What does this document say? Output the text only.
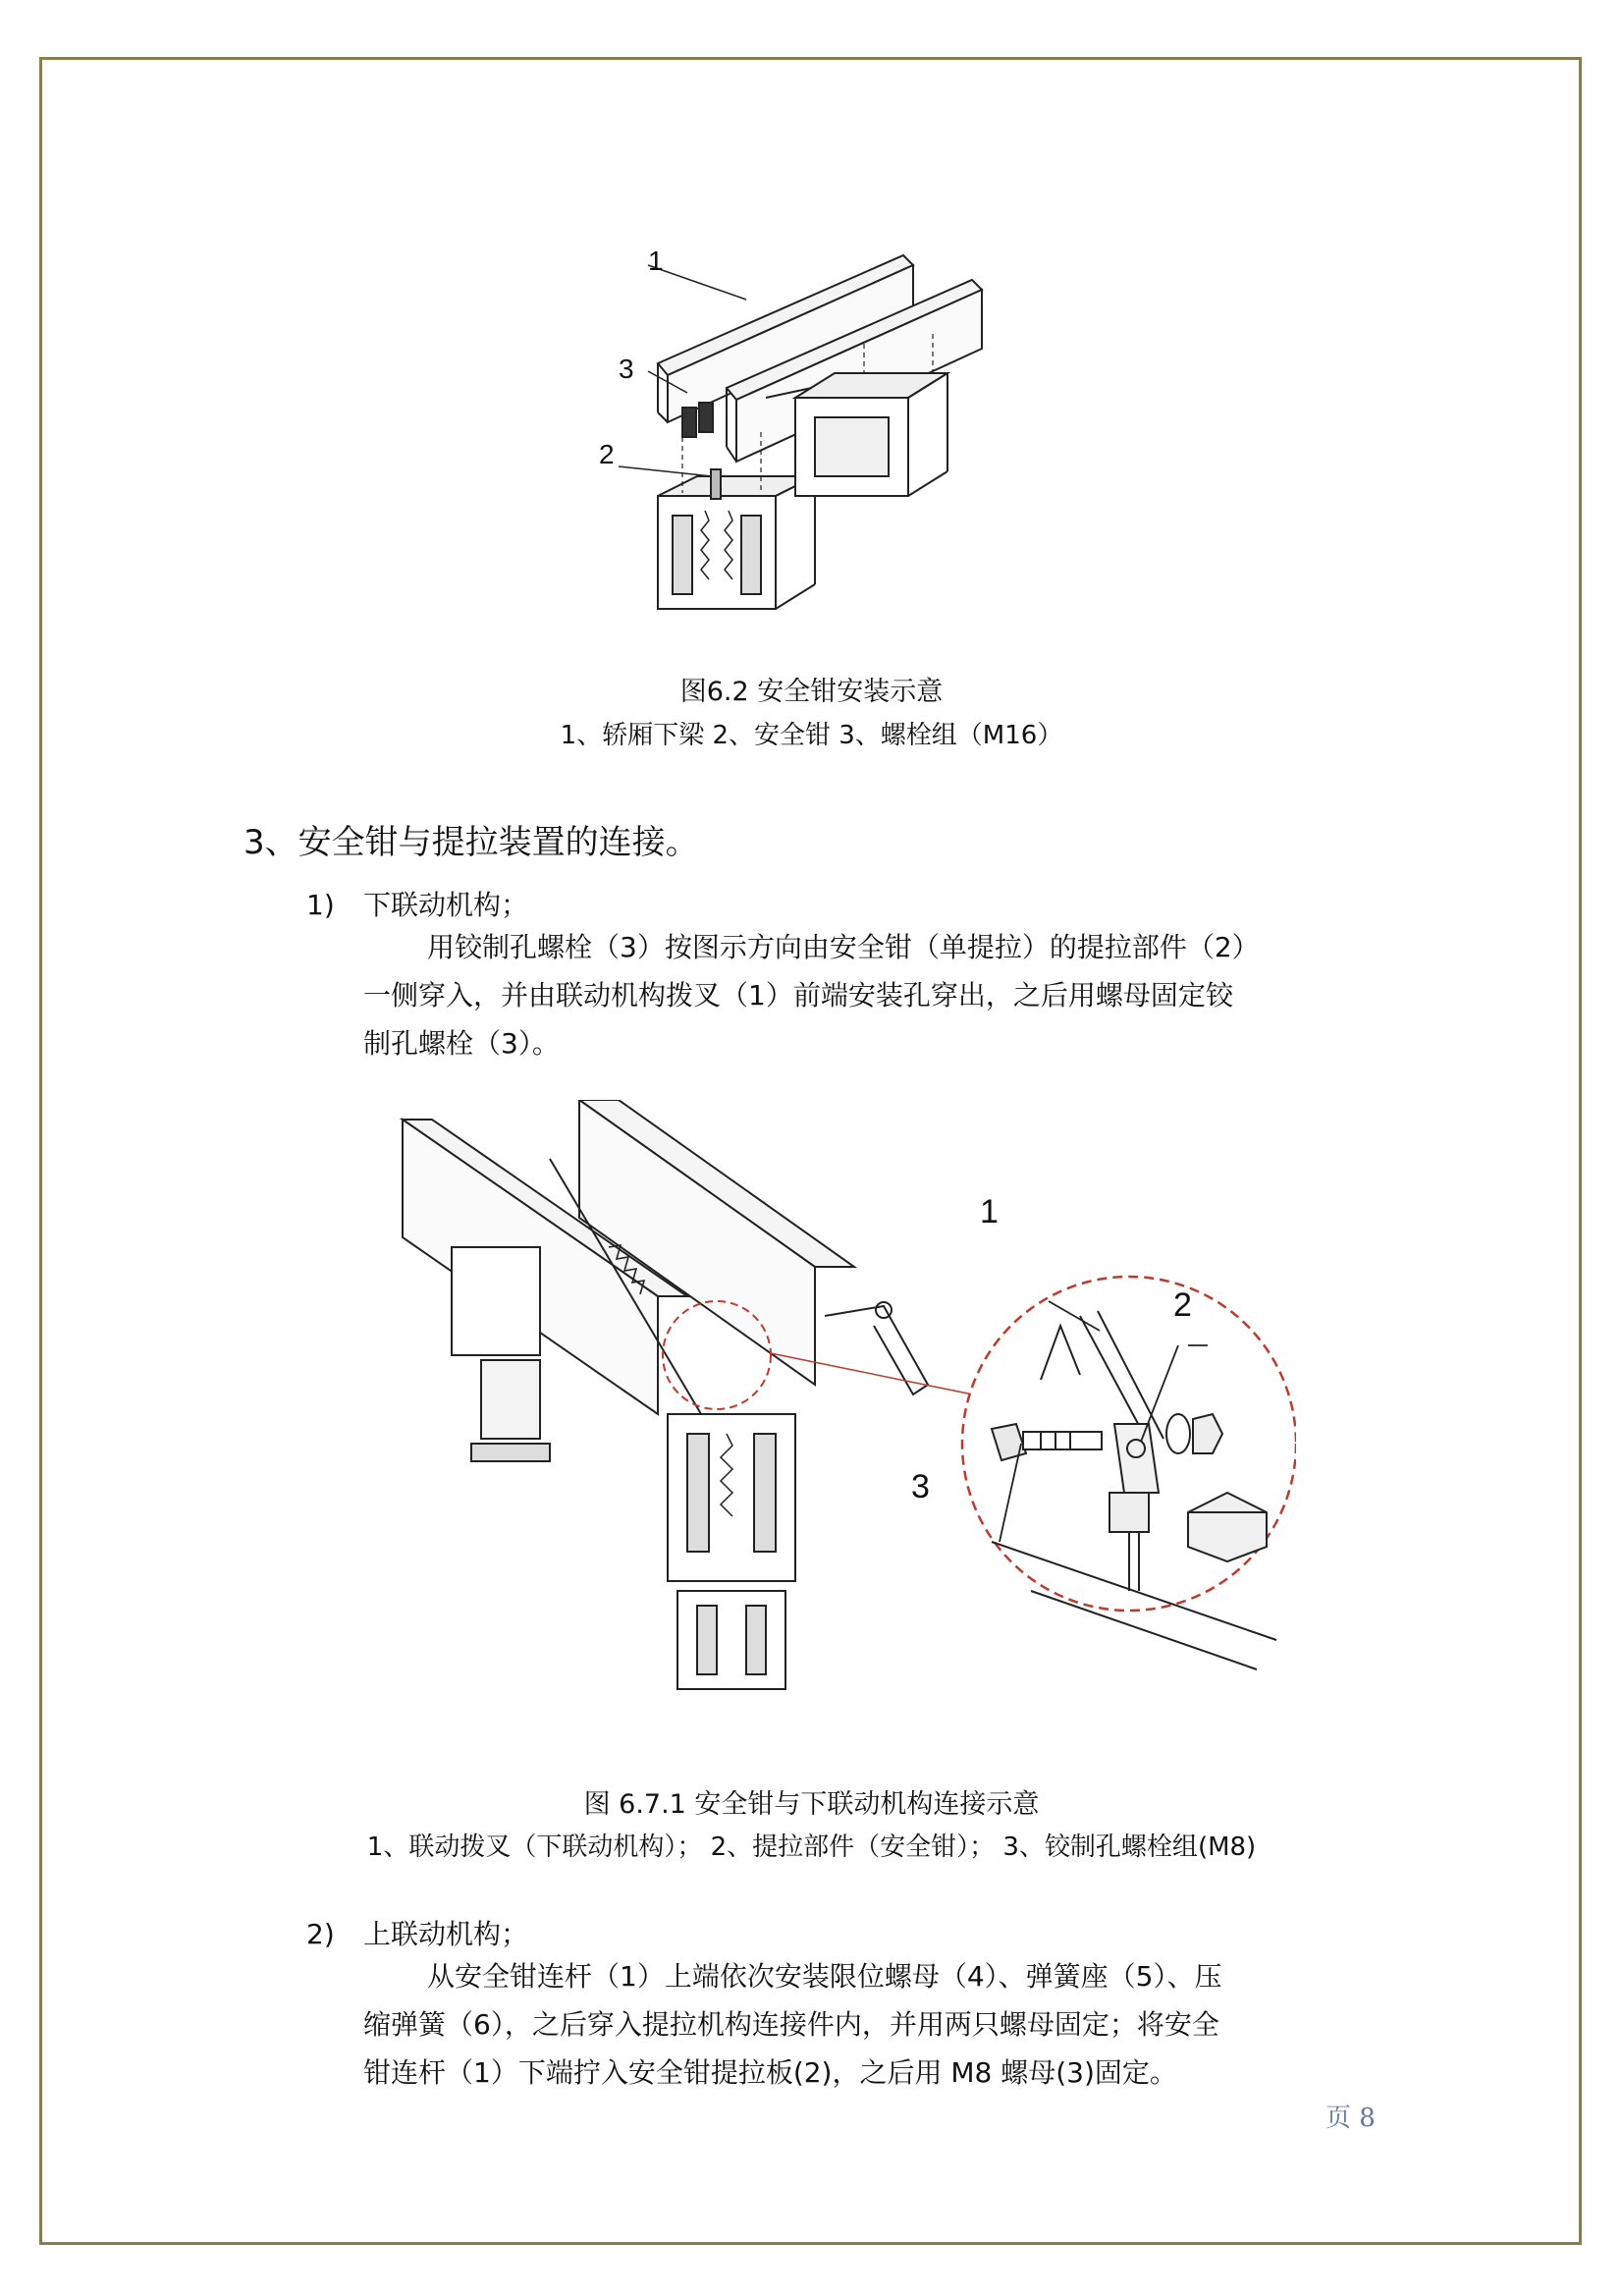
1
3
2
图6.2 安全钳安装示意
1、轿厢下梁 2、安全钳 3、螺栓组（M16）
3、安全钳与提拉装置的连接。
1) 下联动机构；
用铰制孔螺栓（3）按图示方向由安全钳（单提拉）的提拉部件（2）
一侧穿入，并由联动机构拨叉（1）前端安装孔穿出，之后用螺母固定铰
制孔螺栓（3）。
1
2
3
图 6.7.1 安全钳与下联动机构连接示意
1、联动拨叉（下联动机构）； 2、提拉部件（安全钳）； 3、铰制孔螺栓组(M8)
2) 上联动机构；
从安全钳连杆（1）上端依次安装限位螺母（4）、弹簧座（5）、压
缩弹簧（6），之后穿入提拉机构连接件内，并用两只螺母固定；将安全
钳连杆（1）下端拧入安全钳提拉板(2)，之后用 M8 螺母(3)固定。
页 8
